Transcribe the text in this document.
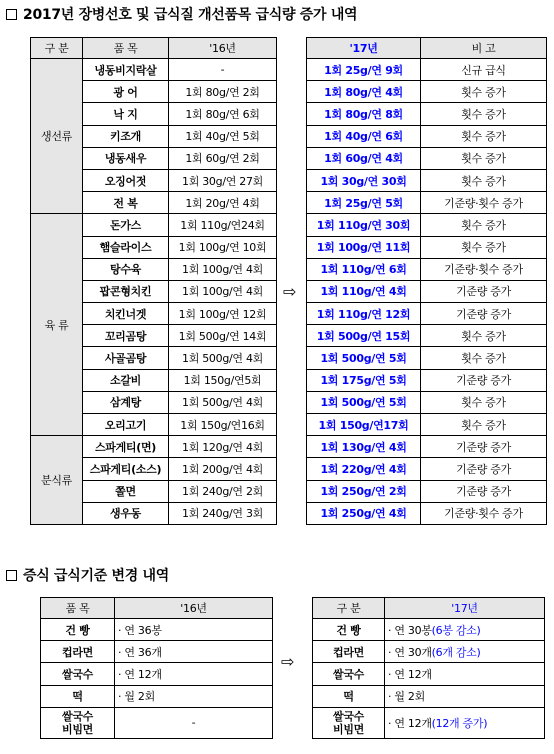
2017년 장병선호 및 급식질 개선품목 급식량 증가 내역
구 분	품 목	'16년
생선류	냉동비지락살	-
	광 어	1회 80g/연 2회
	낙 지	1회 80g/연 6회
	키조개	1회 40g/연 5회
	냉동새우	1회 60g/연 2회
	오징어젓	1회 30g/연 27회
	전 복	1회 20g/연 4회
육 류	돈가스	1회 110g/연24회
	햄슬라이스	1회 100g/연 10회
	탕수육	1회 100g/연 4회
	팝콘형치킨	1회 100g/연 4회
	치킨너겟	1회 100g/연 12회
	꼬리곰탕	1회 500g/연 14회
	사골곰탕	1회 500g/연 4회
	소갈비	1회 150g/연5회
	삼계탕	1회 500g/연 4회
	오리고기	1회 150g/연16회
분식류	스파게티(면)	1회 120g/연 4회
	스파게티(소스)	1회 200g/연 4회
	쫄면	1회 240g/연 2회
	생우동	1회 240g/연 3회
⇨
'17년	비 고
1회 25g/연 9회	신규 급식
1회 80g/연 4회	횟수 증가
1회 80g/연 8회	횟수 증가
1회 40g/연 6회	횟수 증가
1회 60g/연 4회	횟수 증가
1회 30g/연 30회	횟수 증가
1회 25g/연 5회	기준량·횟수 증가
1회 110g/연 30회	횟수 증가
1회 100g/연 11회	횟수 증가
1회 110g/연 6회	기준량·횟수 증가
1회 110g/연 4회	기준량 증가
1회 110g/연 12회	기준량 증가
1회 500g/연 15회	횟수 증가
1회 500g/연 5회	횟수 증가
1회 175g/연 5회	기준량 증가
1회 500g/연 5회	횟수 증가
1회 150g/연17회	횟수 증가
1회 130g/연 4회	기준량 증가
1회 220g/연 4회	기준량 증가
1회 250g/연 2회	기준량 증가
1회 250g/연 4회	기준량·횟수 증가
증식 급식기준 변경 내역
품 목	'16년
건 빵	· 연 36봉
컵라면	· 연 36개
쌀국수	· 연 12개
떡	· 월 2회

쌀국수
비빔면	-
⇨
구 분	'17년
건 빵	· 연 30봉(6봉 감소)
컵라면	· 연 30개(6개 감소)
쌀국수	· 연 12개
떡	· 월 2회

쌀국수
비빔면	· 연 12개(12개 증가)
